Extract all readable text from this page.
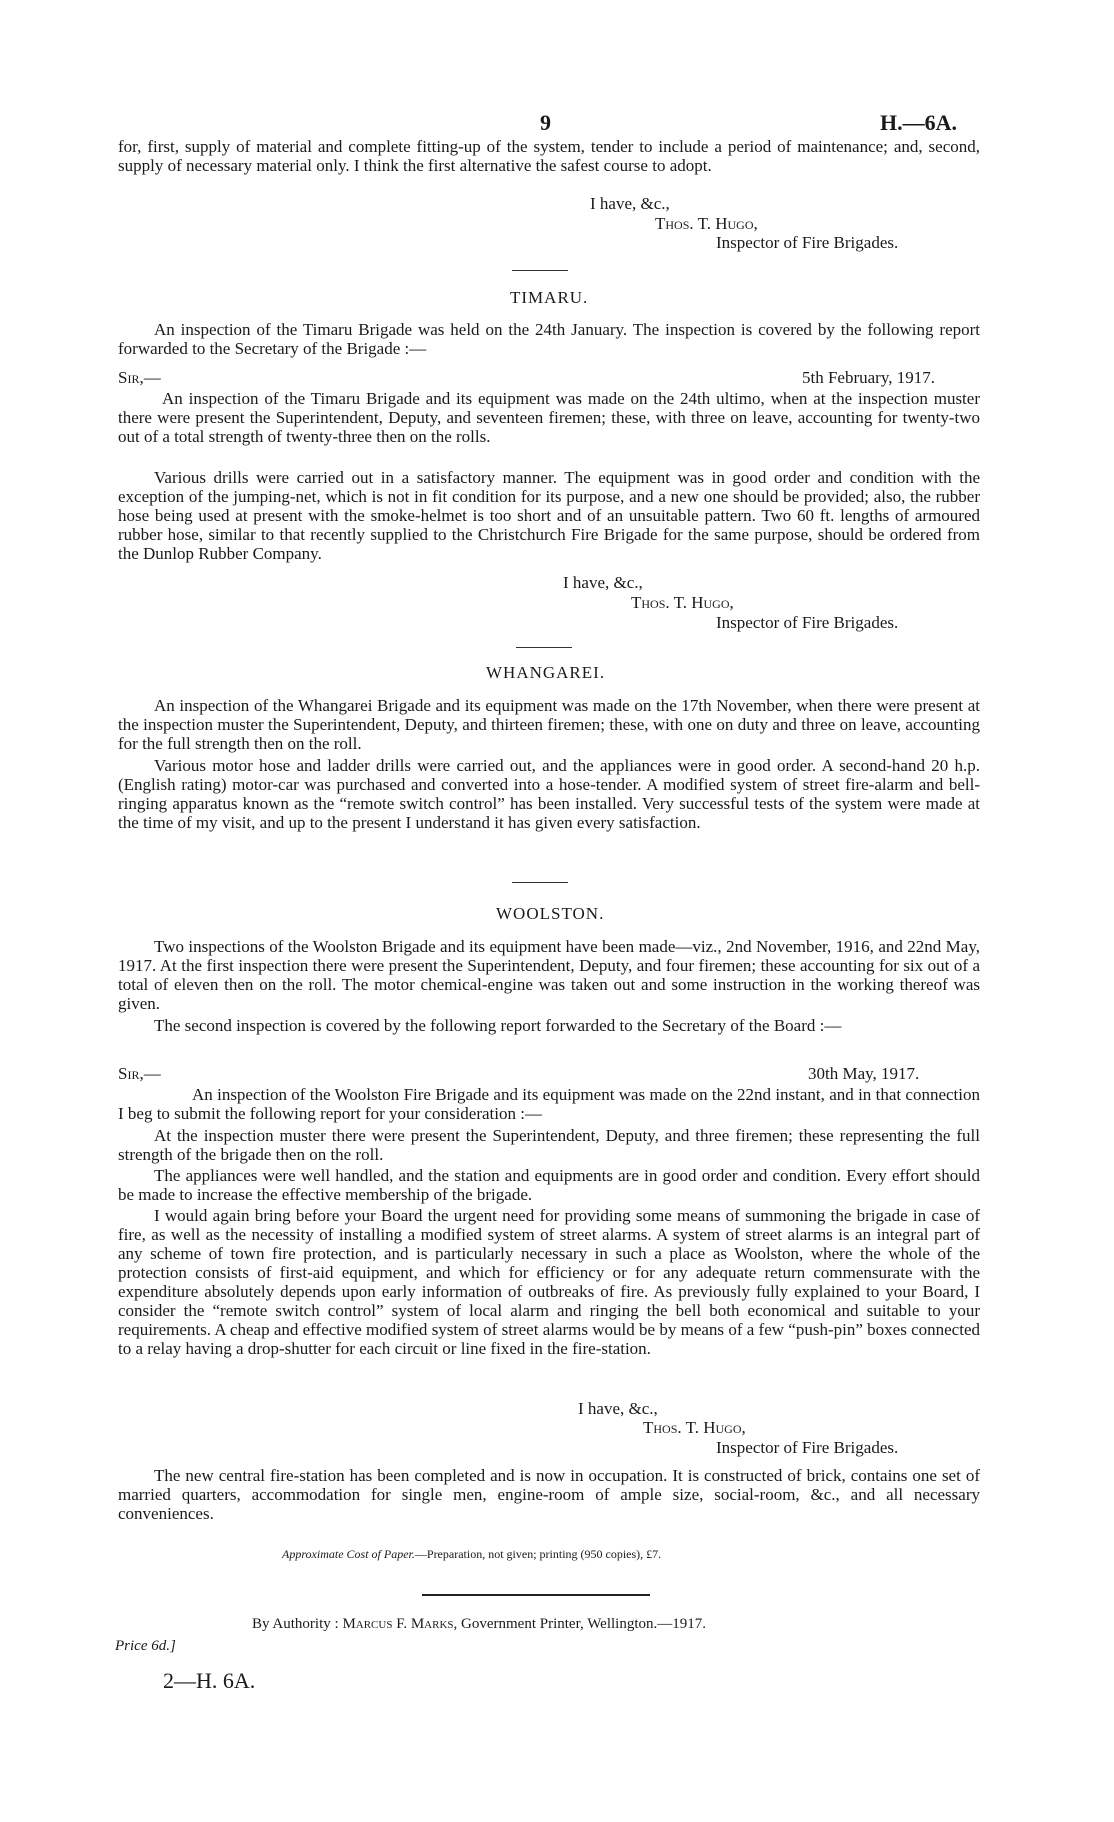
9	H.—6A.

for, first, supply of material and complete fitting-up of the system, tender to include a period of maintenance; and, second, supply of necessary material only. I think the first alternative the safest course to adopt.

I have, &c.,
Thos. T. Hugo,
Inspector of Fire Brigades.
TIMARU.

An inspection of the Timaru Brigade was held on the 24th January. The inspection is covered by the following report forwarded to the Secretary of the Brigade :—

Sir,—	5th February, 1917.

An inspection of the Timaru Brigade and its equipment was made on the 24th ultimo, when at the inspection muster there were present the Superintendent, Deputy, and seventeen firemen; these, with three on leave, accounting for twenty-two out of a total strength of twenty-three then on the rolls.

Various drills were carried out in a satisfactory manner. The equipment was in good order and condition with the exception of the jumping-net, which is not in fit condition for its purpose, and a new one should be provided; also, the rubber hose being used at present with the smoke-helmet is too short and of an unsuitable pattern. Two 60 ft. lengths of armoured rubber hose, similar to that recently supplied to the Christchurch Fire Brigade for the same purpose, should be ordered from the Dunlop Rubber Company.

I have, &c.,
Thos. T. Hugo,
Inspector of Fire Brigades.
WHANGAREI.

An inspection of the Whangarei Brigade and its equipment was made on the 17th November, when there were present at the inspection muster the Superintendent, Deputy, and thirteen firemen; these, with one on duty and three on leave, accounting for the full strength then on the roll.

Various motor hose and ladder drills were carried out, and the appliances were in good order. A second-hand 20 h.p. (English rating) motor-car was purchased and converted into a hose-tender. A modified system of street fire-alarm and bell-ringing apparatus known as the “remote switch control” has been installed. Very successful tests of the system were made at the time of my visit, and up to the present I understand it has given every satisfaction.

WOOLSTON.

Two inspections of the Woolston Brigade and its equipment have been made—viz., 2nd November, 1916, and 22nd May, 1917. At the first inspection there were present the Superintendent, Deputy, and four firemen; these accounting for six out of a total of eleven then on the roll. The motor chemical-engine was taken out and some instruction in the working thereof was given.

The second inspection is covered by the following report forwarded to the Secretary of the Board :—

Sir,—	30th May, 1917.

An inspection of the Woolston Fire Brigade and its equipment was made on the 22nd instant, and in that connection I beg to submit the following report for your consideration :—

At the inspection muster there were present the Superintendent, Deputy, and three firemen; these representing the full strength of the brigade then on the roll.

The appliances were well handled, and the station and equipments are in good order and condition. Every effort should be made to increase the effective membership of the brigade.

I would again bring before your Board the urgent need for providing some means of summoning the brigade in case of fire, as well as the necessity of installing a modified system of street alarms. A system of street alarms is an integral part of any scheme of town fire protection, and is particularly necessary in such a place as Woolston, where the whole of the protection consists of first-aid equipment, and which for efficiency or for any adequate return commensurate with the expenditure absolutely depends upon early information of outbreaks of fire. As previously fully explained to your Board, I consider the “remote switch control” system of local alarm and ringing the bell both economical and suitable to your requirements. A cheap and effective modified system of street alarms would be by means of a few “push-pin” boxes connected to a relay having a drop-shutter for each circuit or line fixed in the fire-station.

I have, &c.,
Thos. T. Hugo,
Inspector of Fire Brigades.

The new central fire-station has been completed and is now in occupation. It is constructed of brick, contains one set of married quarters, accommodation for single men, engine-room of ample size, social-room, &c., and all necessary conveniences.

Approximate Cost of Paper.—Preparation, not given; printing (950 copies), £7.
By Authority : Marcus F. Marks, Government Printer, Wellington.—1917.
Price 6d.]
2—H. 6A.
